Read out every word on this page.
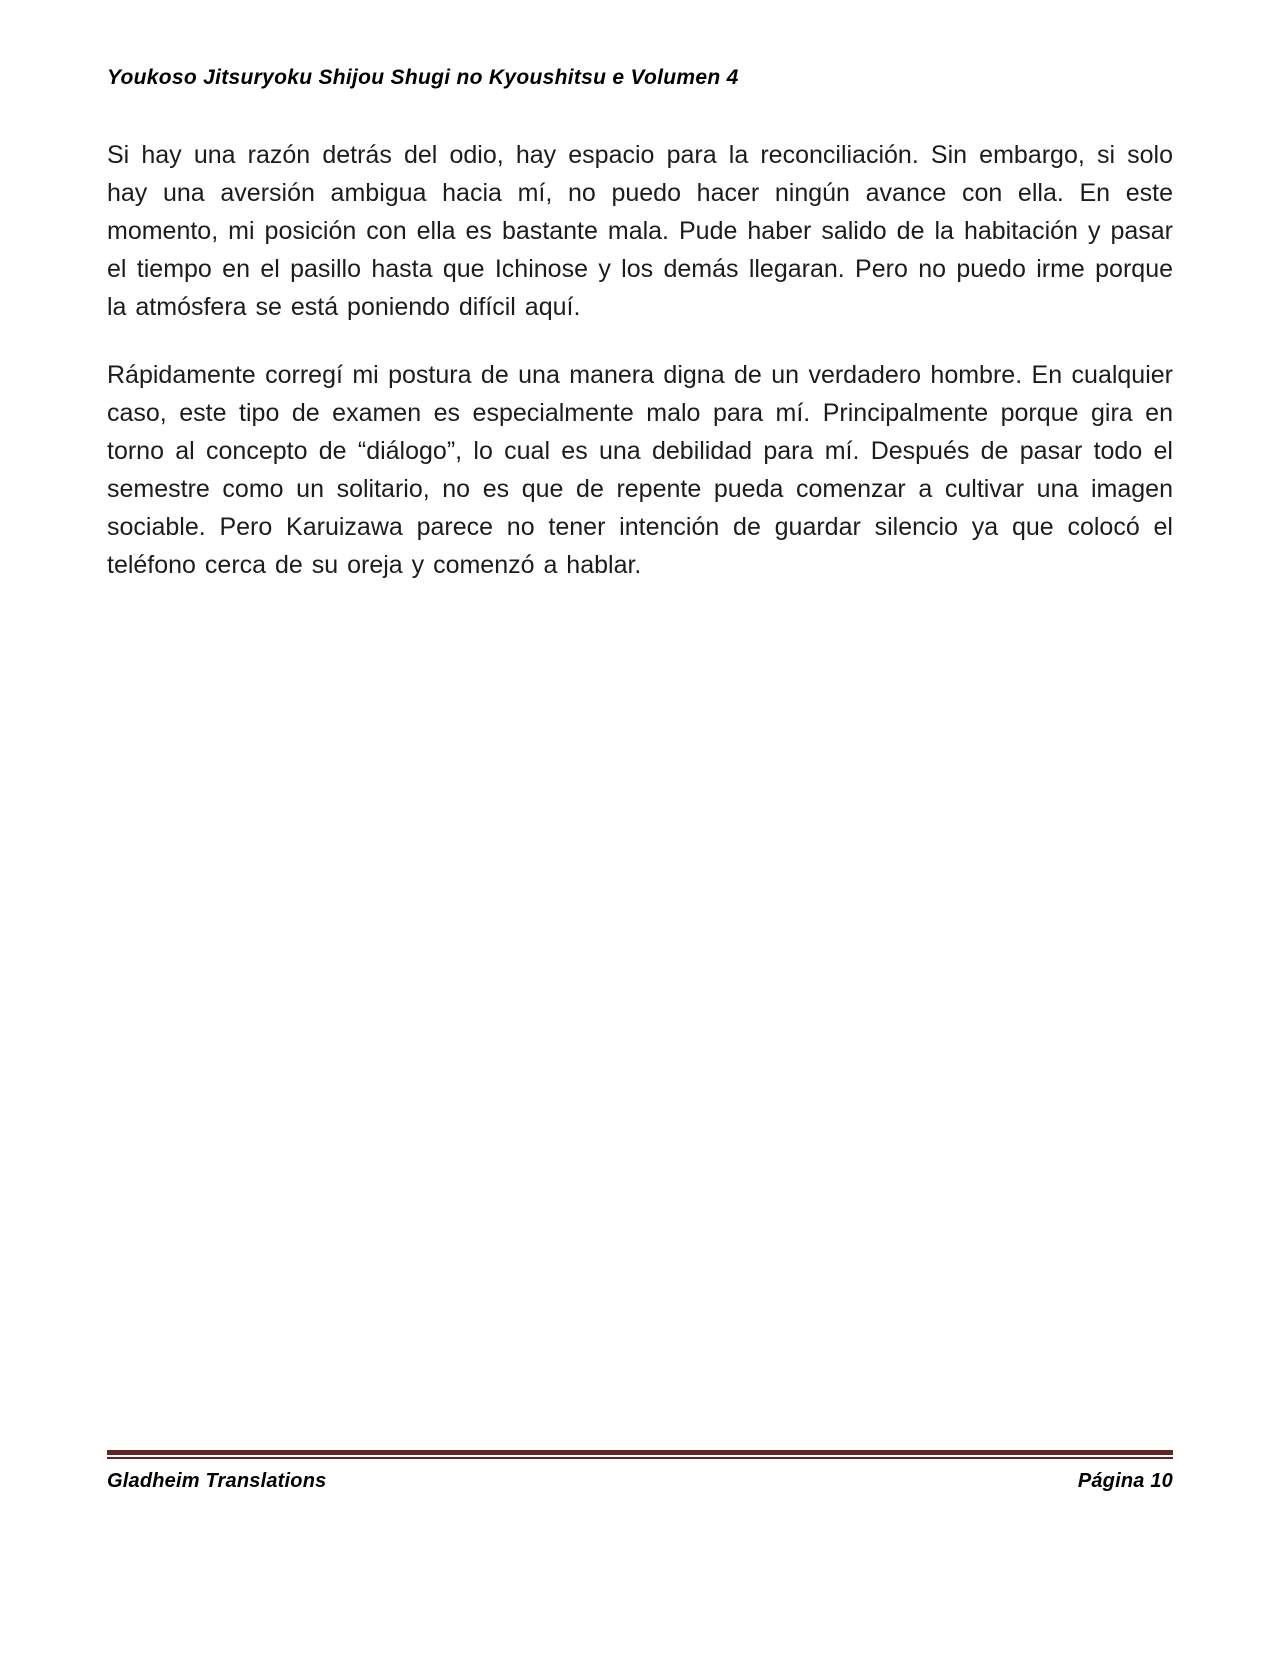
Youkoso Jitsuryoku Shijou Shugi no Kyoushitsu e Volumen 4

Si hay una razón detrás del odio, hay espacio para la reconciliación. Sin embargo, si solo hay una aversión ambigua hacia mí, no puedo hacer ningún avance con ella. En este momento, mi posición con ella es bastante mala. Pude haber salido de la habitación y pasar el tiempo en el pasillo hasta que Ichinose y los demás llegaran. Pero no puedo irme porque la atmósfera se está poniendo difícil aquí.

Rápidamente corregí mi postura de una manera digna de un verdadero hombre. En cualquier caso, este tipo de examen es especialmente malo para mí. Principalmente porque gira en torno al concepto de “diálogo”, lo cual es una debilidad para mí. Después de pasar todo el semestre como un solitario, no es que de repente pueda comenzar a cultivar una imagen sociable. Pero Karuizawa parece no tener intención de guardar silencio ya que colocó el teléfono cerca de su oreja y comenzó a hablar.

Gladheim Translations	Página 10
